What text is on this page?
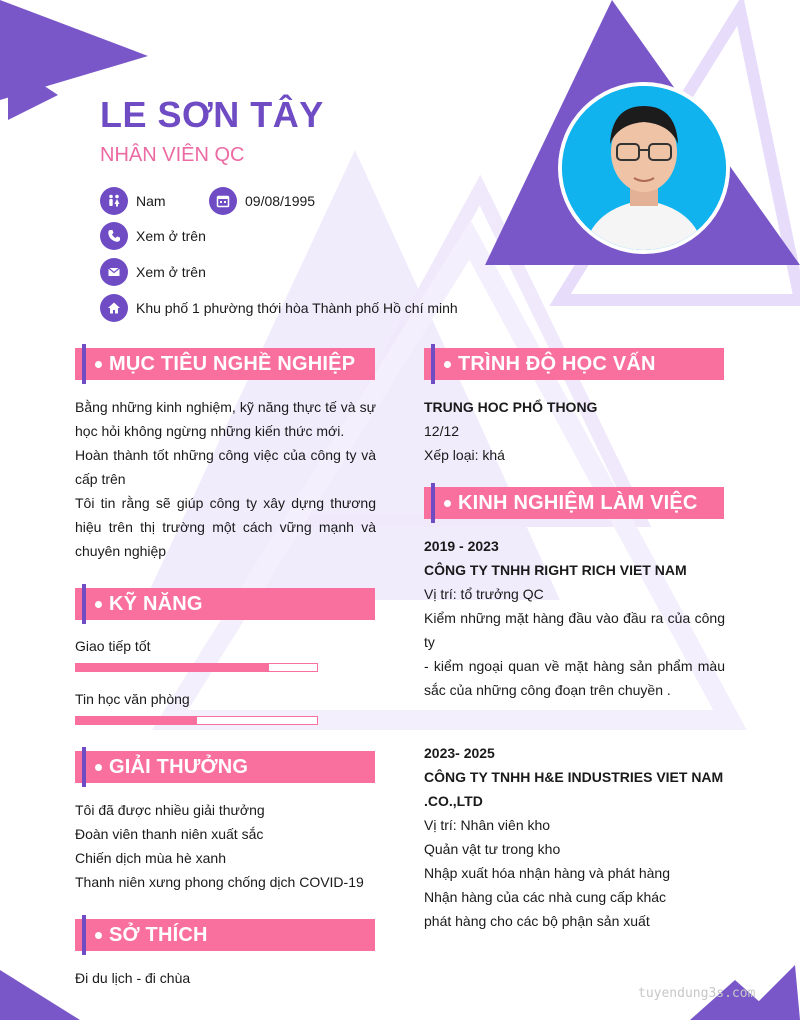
LE SƠN TÂY
NHÂN VIÊN QC
Nam	09/08/1995
Xem ở trên
Xem ở trên
Khu phố 1 phường thới hòa Thành phố Hồ chí minh
MỤC TIÊU NGHỀ NGHIỆP

Bằng những kinh nghiệm, kỹ năng thực tế và sự học hỏi không ngừng những kiến thức mới.

Hoàn thành tốt những công việc của công ty và cấp trên

Tôi tin rằng sẽ giúp công ty xây dựng thương hiệu trên thị trường một cách vững mạnh và chuyên nghiệp

KỸ NĂNG
Giao tiếp tốt
Tin học văn phòng
GIẢI THƯỞNG

Tôi đã được nhiều giải thưởng

Đoàn viên thanh niên xuất sắc

Chiến dịch mùa hè xanh

Thanh niên xưng phong chống dịch COVID-19

SỞ THÍCH

Đi du lịch - đi chùa

TRÌNH ĐỘ HỌC VẤN

TRUNG HOC PHỔ THONG

12/12

Xếp loại: khá

KINH NGHIỆM LÀM VIỆC

2019 - 2023

CÔNG TY TNHH RIGHT RICH VIET NAM

Vị trí: tổ trưởng QC

Kiểm những mặt hàng đầu vào đầu ra của công ty

- kiểm ngoại quan về mặt hàng sản phẩm màu sắc của những công đoạn trên chuyền .

2023- 2025

CÔNG TY TNHH H&E INDUSTRIES VIET NAM .CO.,LTD

Vị trí: Nhân viên kho

Quản vật tư trong kho

Nhập xuất hóa nhận hàng và phát hàng

Nhận hàng của các nhà cung cấp khác

phát hàng cho các bộ phận sản xuất

tuyendung3s.com
